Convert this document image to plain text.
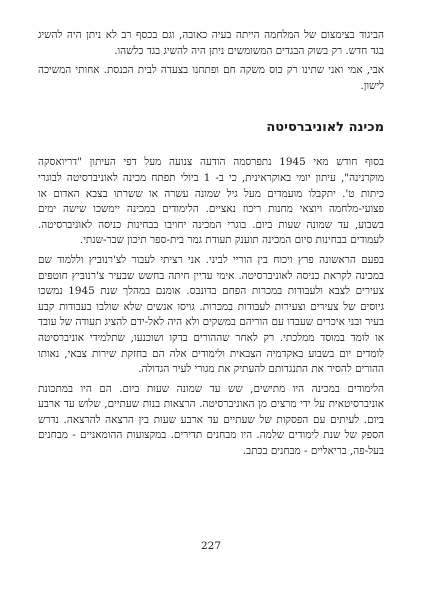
הביגוד בצימצום של המלחמה הייתה בעיה כאובה, וגם בכסף רב לא ניתן היה להשיג בגד חדש. רק בשוק הבגדים המשומשים ניתן היה להשיג בגד כלשהו.

אבי, אמי ואני שתינו רק כוס משקה חם ופתחנו בצעדה לבית הכנסת. אחותי המשיכה לישון.

מכינה לאוניברסיטה

בסוף חודש מאי 1945 נתפרסמה הודעה צנועה מעל דפי העיתון "דריואסקה מוקרנינה", עיתון יומי באוקראינית, כי ב- 1 ביולי תפתח מכינה לאוניברסיטה לבוגרי כיתות ט'. יתקבלו מועמדים מעל גיל שמונה עשרה או ששרתו בצבא האדום או פצועי-מלחמה ויוצאי מחנות ריכוז נאציים. הלימודים במכינה יימשכו שישה ימים בשבוע, עד שמונה שעות ביום. בוגרי המכינה יחויבו בבחינות כניסה לאוניברסיטה. לעמודים בבחינות סיום המכינה תוענק תעודת גמר בית-ספר תיכון שבר-שנתי.

בפעם הראשונה פרץ ויכוח בין הוריי לביני. אני רציתי לעבור לצ'רנוביץ וללמוד שם במכינה לקראת כניסה לאוניברסיטה. אימי עדיין חיתה בחשש שבעיר צ'רנוביץ חוטפים צעירים לצבא ולעבודות במכרות הפחם בדונבס. אומנם במהלך שנת 1945 נמשכו גיוסים של צעירים וצעירות לעבודות במכרות. גויסו אנשים שלא שולבו בעבודות קבע בעיר ובני איכרים שעבדו עם הוריהם במשקים ולא היה לאל-ידם להציג תעודה של עובד או לומד במוסד ממלכתי. רק לאחר שההורים בדקו ושוכנעו, שתלמידי אוניברסיטה לומדים יום בשבוע באקדמיה הצבאית ולימודים אלה הם בחזקת שירות צבאי, נאותו ההורים להסיר את התנגדותם להעתיק את מגורי לעיר הגדולה.

הלימודים במכינה היו מתישים, שש עד שמונה שעות ביום. הם היו במתכונת אוניברסיטאית על ידי מרצים מן האוניברסיטה. הרצאות בנות שעתיים, שלוש עד ארבע ביום. לעיתים עם הפסקות של שעתיים עד ארבע שעות בין הרצאה להרצאה. נדרש הספק של שנת לימודים שלמה. היו מבחנים תדירים. במקצועות ההומאניים - מבחנים בעל-פה, בריאליים - מבחנים בכתב.

227
